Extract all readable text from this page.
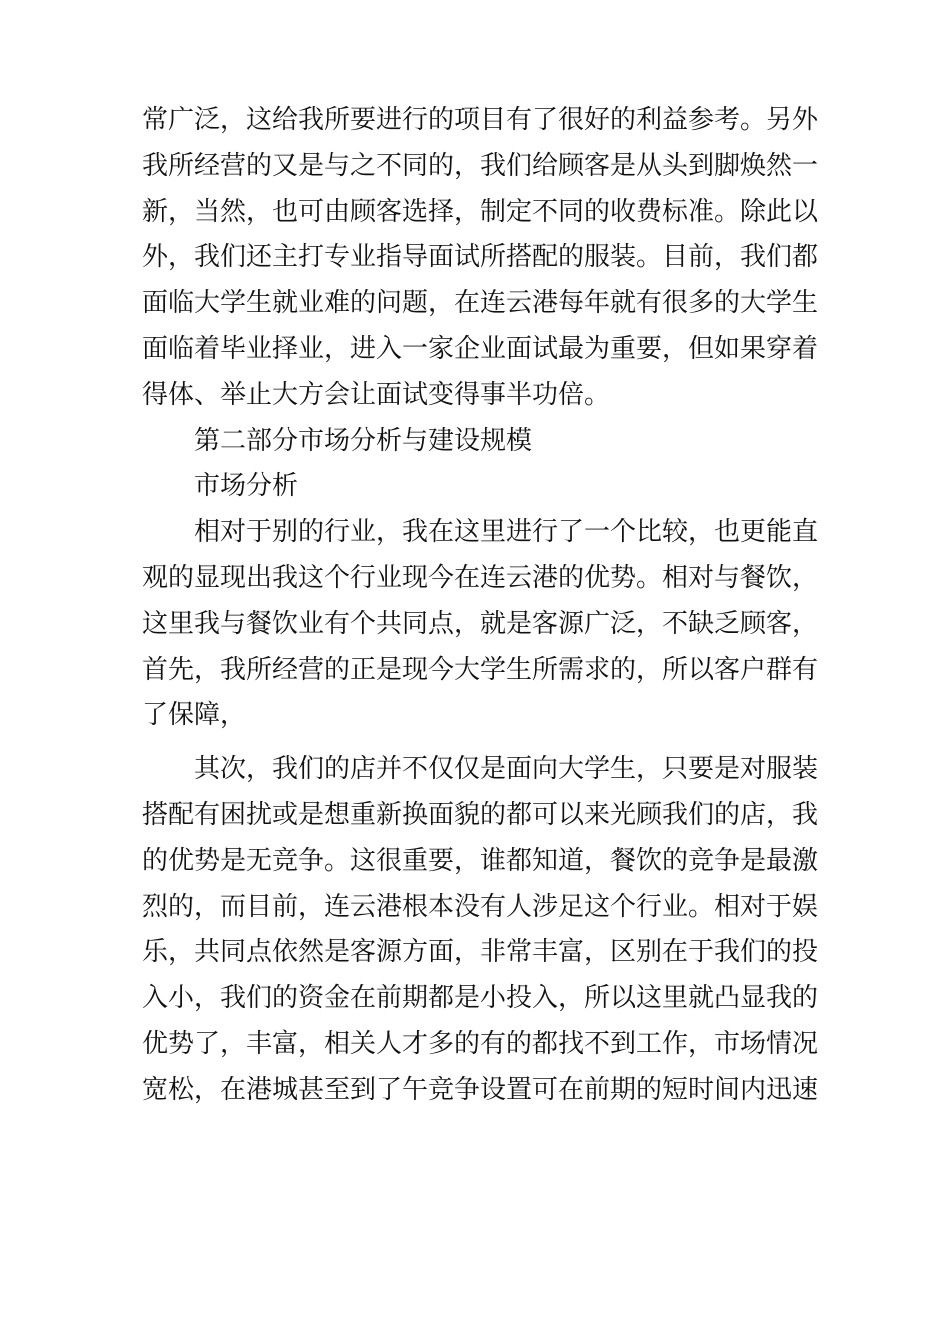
常广泛，这给我所要进行的项目有了很好的利益参考。另外
我所经营的又是与之不同的，我们给顾客是从头到脚焕然一
新，当然，也可由顾客选择，制定不同的收费标准。除此以
外，我们还主打专业指导面试所搭配的服装。目前，我们都
面临大学生就业难的问题，在连云港每年就有很多的大学生
面临着毕业择业，进入一家企业面试最为重要，但如果穿着
得体、举止大方会让面试变得事半功倍。
第二部分市场分析与建设规模
市场分析
相对于别的行业，我在这里进行了一个比较，也更能直
观的显现出我这个行业现今在连云港的优势。相对与餐饮，
这里我与餐饮业有个共同点，就是客源广泛，不缺乏顾客，
首先，我所经营的正是现今大学生所需求的，所以客户群有
了保障，
其次，我们的店并不仅仅是面向大学生，只要是对服装
搭配有困扰或是想重新换面貌的都可以来光顾我们的店，我
的优势是无竞争。这很重要，谁都知道，餐饮的竞争是最激
烈的，而目前，连云港根本没有人涉足这个行业。相对于娱
乐，共同点依然是客源方面，非常丰富，区别在于我们的投
入小，我们的资金在前期都是小投入，所以这里就凸显我的
优势了，丰富，相关人才多的有的都找不到工作，市场情况
宽松，在港城甚至到了午竞争设置可在前期的短时间内迅速
